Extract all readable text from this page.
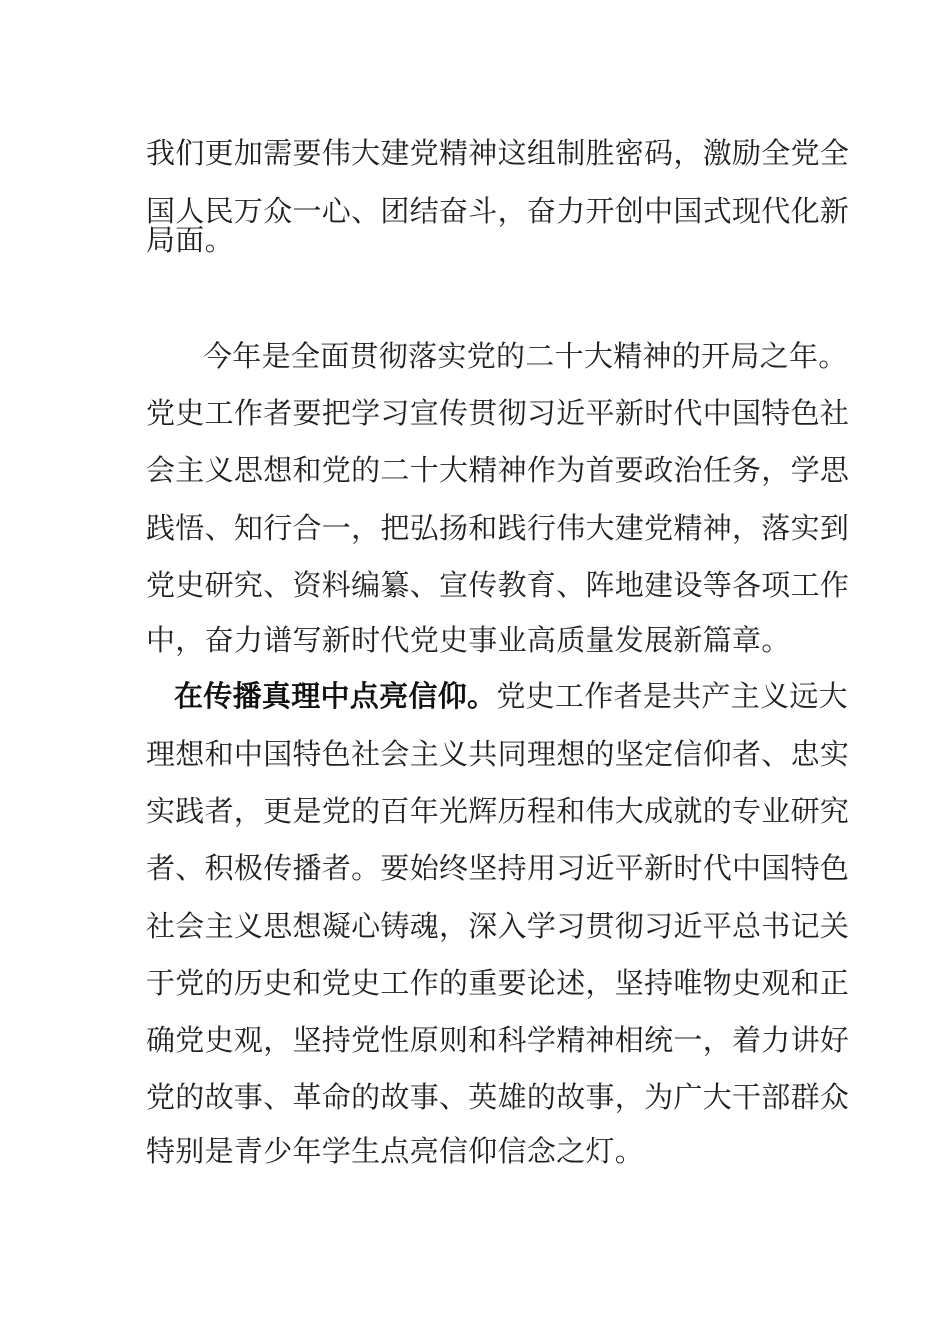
我们更加需要伟大建党精神这组制胜密码，激励全党全
国人民万众一心、团结奋斗，奋力开创中国式现代化新
局面。
今年是全面贯彻落实党的二十大精神的开局之年。
党史工作者要把学习宣传贯彻习近平新时代中国特色社
会主义思想和党的二十大精神作为首要政治任务，学思
践悟、知行合一，把弘扬和践行伟大建党精神，落实到
党史研究、资料编纂、宣传教育、阵地建设等各项工作
中，奋力谱写新时代党史事业高质量发展新篇章。
在传播真理中点亮信仰。党史工作者是共产主义远大
理想和中国特色社会主义共同理想的坚定信仰者、忠实
实践者，更是党的百年光辉历程和伟大成就的专业研究
者、积极传播者。要始终坚持用习近平新时代中国特色
社会主义思想凝心铸魂，深入学习贯彻习近平总书记关
于党的历史和党史工作的重要论述，坚持唯物史观和正
确党史观，坚持党性原则和科学精神相统一，着力讲好
党的故事、革命的故事、英雄的故事，为广大干部群众
特别是青少年学生点亮信仰信念之灯。
